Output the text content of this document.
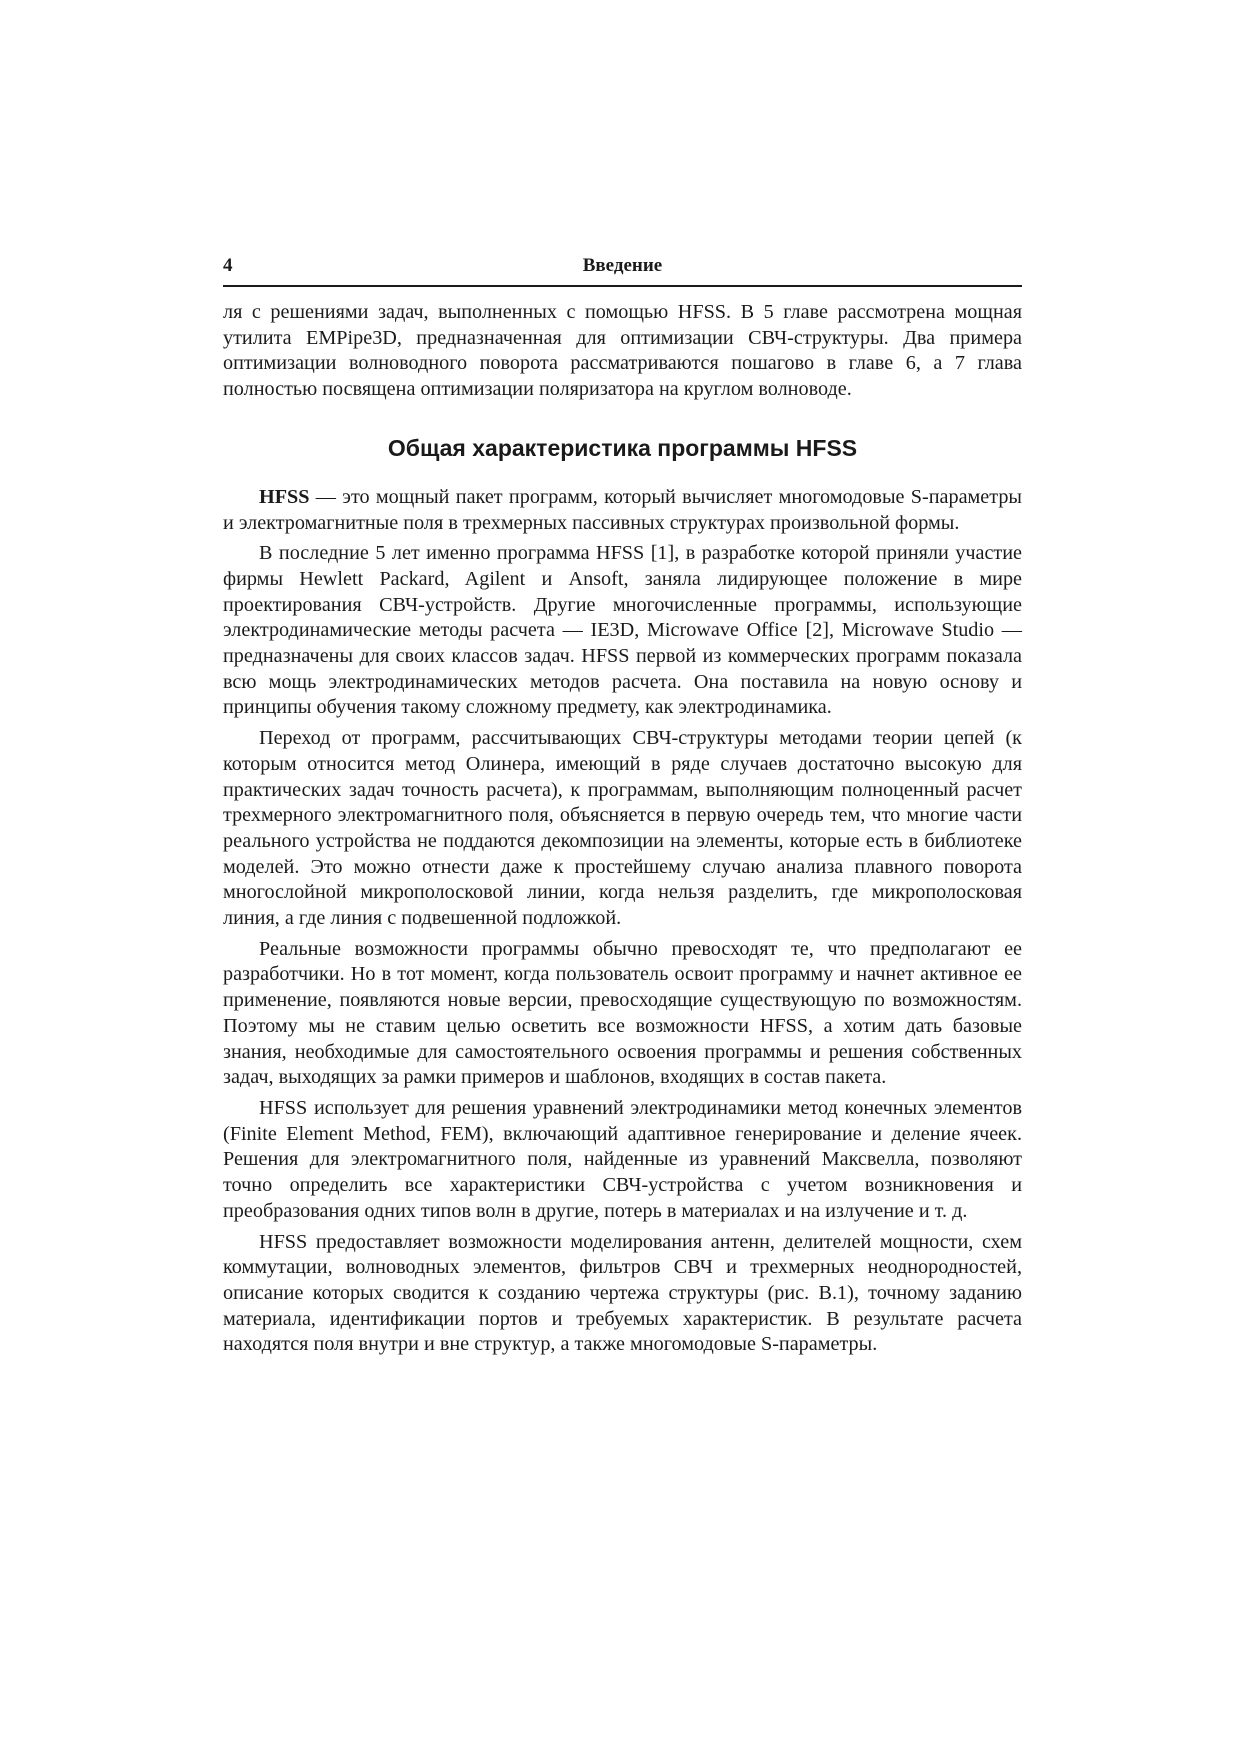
4	Введение

ля с решениями задач, выполненных с помощью HFSS. В 5 главе рассмотрена мощная утилита EMPipe3D, предназначенная для оптимизации СВЧ-структуры. Два примера оптимизации волноводного поворота рассматриваются пошагово в главе 6, а 7 глава полностью посвящена оптимизации поляризатора на круглом волноводе.

Общая характеристика программы HFSS

HFSS — это мощный пакет программ, который вычисляет многомодовые S-параметры и электромагнитные поля в трехмерных пассивных структурах произвольной формы.

В последние 5 лет именно программа HFSS [1], в разработке которой приняли участие фирмы Hewlett Packard, Agilent и Ansoft, заняла лидирующее положение в мире проектирования СВЧ-устройств. Другие многочисленные программы, использующие электродинамические методы расчета — IE3D, Microwave Office [2], Microwave Studio — предназначены для своих классов задач. HFSS первой из коммерческих программ показала всю мощь электродинамических методов расчета. Она поставила на новую основу и принципы обучения такому сложному предмету, как электродинамика.

Переход от программ, рассчитывающих СВЧ-структуры методами теории цепей (к которым относится метод Олинера, имеющий в ряде случаев достаточно высокую для практических задач точность расчета), к программам, выполняющим полноценный расчет трехмерного электромагнитного поля, объясняется в первую очередь тем, что многие части реального устройства не поддаются декомпозиции на элементы, которые есть в библиотеке моделей. Это можно отнести даже к простейшему случаю анализа плавного поворота многослойной микрополосковой линии, когда нельзя разделить, где микрополосковая линия, а где линия с подвешенной подложкой.

Реальные возможности программы обычно превосходят те, что предполагают ее разработчики. Но в тот момент, когда пользователь освоит программу и начнет активное ее применение, появляются новые версии, превосходящие существующую по возможностям. Поэтому мы не ставим целью осветить все возможности HFSS, а хотим дать базовые знания, необходимые для самостоятельного освоения программы и решения собственных задач, выходящих за рамки примеров и шаблонов, входящих в состав пакета.

HFSS использует для решения уравнений электродинамики метод конечных элементов (Finite Element Method, FEM), включающий адаптивное генерирование и деление ячеек. Решения для электромагнитного поля, найденные из уравнений Максвелла, позволяют точно определить все характеристики СВЧ-устройства с учетом возникновения и преобразования одних типов волн в другие, потерь в материалах и на излучение и т. д.

HFSS предоставляет возможности моделирования антенн, делителей мощности, схем коммутации, волноводных элементов, фильтров СВЧ и трехмерных неоднородностей, описание которых сводится к созданию чертежа структуры (рис. В.1), точному заданию материала, идентификации портов и требуемых характеристик. В результате расчета находятся поля внутри и вне структур, а также многомодовые S-параметры.
